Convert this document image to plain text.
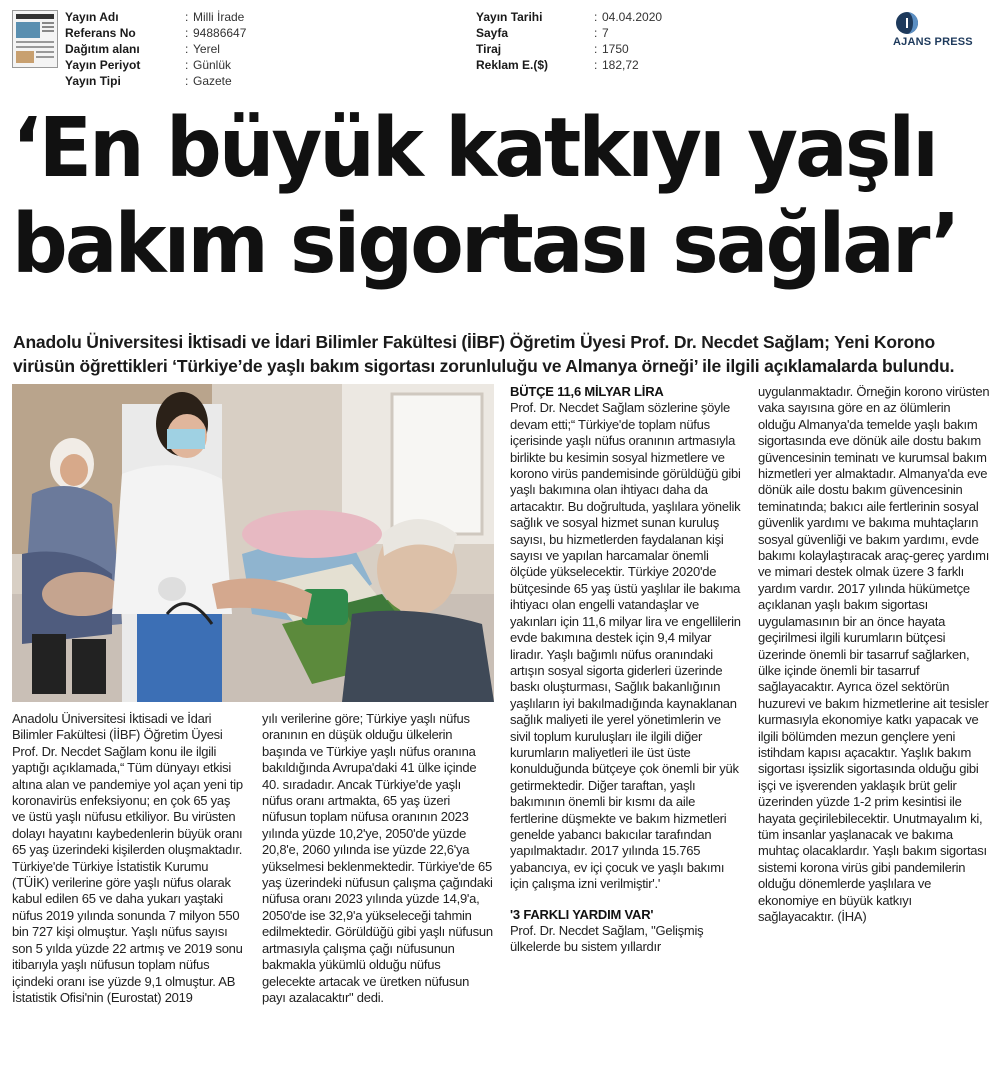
Yayın Adı	: Milli İrade
Referans No	: 94886647
Dağıtım alanı	: Yerel
Yayın Periyot	: Günlük
Yayın Tipi	: Gazete
Yayın Tarihi	: 04.04.2020
Sayfa	: 7
Tiraj	: 1750
Reklam E.($)	: 182,72
AJANS PRESS
‘En büyük katkıyı yaşlı
bakım sigortası sağlar’
Anadolu Üniversitesi İktisadi ve İdari Bilimler Fakültesi (İİBF) Öğretim Üyesi Prof. Dr. Necdet Sağlam; Yeni Korono virüsün öğrettikleri ‘Türkiye’de yaşlı bakım sigortası zorunluluğu ve Almanya örneği’ ile ilgili açıklamalarda bulundu.

Anadolu Üniversitesi İktisadi ve İdari Bilimler Fakültesi (İİBF) Öğretim Üyesi Prof. Dr. Necdet Sağlam konu ile ilgili yaptığı açıklamada,“ Tüm dünyayı etkisi altına alan ve pandemiye yol açan yeni tip koronavirüs enfeksiyonu; en çok 65 yaş ve üstü yaşlı nüfusu etkiliyor. Bu virüsten dolayı hayatını kaybedenlerin büyük oranı 65 yaş üzerindeki kişilerden oluşmaktadır. Türkiye'de Türkiye İstatistik Kurumu (TÜİK) verilerine göre yaşlı nüfus olarak kabul edilen 65 ve daha yukarı yaştaki nüfus 2019 yılında sonunda 7 milyon 550 bin 727 kişi olmuştur. Yaşlı nüfus sayısı son 5 yılda yüzde 22 artmış ve 2019 sonu itibarıyla yaşlı nüfusun toplam nüfus içindeki oranı ise yüzde 9,1 olmuştur. AB İstatistik Ofisi'nin (Eurostat) 2019

yılı verilerine göre; Türkiye yaşlı nüfus oranının en düşük olduğu ülkelerin başında ve Türkiye yaşlı nüfus oranına bakıldığında Avrupa'daki 41 ülke içinde 40. sıradadır. Ancak Türkiye'de yaşlı nüfus oranı artmakta, 65 yaş üzeri nüfusun toplam nüfusa oranının 2023 yılında yüzde 10,2'ye, 2050'de yüzde 20,8'e, 2060 yılında ise yüzde 22,6'ya yükselmesi beklenmektedir. Türkiye'de 65 yaş üzerindeki nüfusun çalışma çağındaki nüfusa oranı 2023 yılında yüzde 14,9'a, 2050'de ise 32,9'a yükseleceği tahmin edilmektedir. Görüldüğü gibi yaşlı nüfusun artmasıyla çalışma çağı nüfusunun bakmakla yükümlü olduğu nüfus gelecekte artacak ve üretken nüfusun payı azalacaktır" dedi.

BÜTÇE 11,6 MİLYAR LİRA

Prof. Dr. Necdet Sağlam sözlerine şöyle devam etti;“ Türkiye'de toplam nüfus içerisinde yaşlı nüfus oranının artmasıyla birlikte bu kesimin sosyal hizmetlere ve korono virüs pandemisinde görüldüğü gibi yaşlı bakımına olan ihtiyacı daha da artacaktır. Bu doğrultuda, yaşlılara yönelik sağlık ve sosyal hizmet sunan kuruluş sayısı, bu hizmetlerden faydalanan kişi sayısı ve yapılan harcamalar önemli ölçüde yükselecektir. Türkiye 2020'de bütçesinde 65 yaş üstü yaşlılar ile bakıma ihtiyacı olan engelli vatandaşlar ve yakınları için 11,6 milyar lira ve engellilerin evde bakımına destek için 9,4 milyar liradır. Yaşlı bağımlı nüfus oranındaki artışın sosyal sigorta giderleri üzerinde baskı oluşturması, Sağlık bakanlığının yaşlıların iyi bakılmadığında kaynaklanan sağlık maliyeti ile yerel yönetimlerin ve sivil toplum kuruluşları ile ilgili diğer kurumların maliyetleri ile üst üste konulduğunda bütçeye çok önemli bir yük getirmektedir. Diğer taraftan, yaşlı bakımının önemli bir kısmı da aile fertlerine düşmekte ve bakım hizmetleri genelde yabancı bakıcılar tarafından yapılmaktadır. 2017 yılında 15.765 yabancıya, ev içi çocuk ve yaşlı bakımı için çalışma izni verilmiştir'.'

'3 FARKLI YARDIM VAR'

Prof. Dr. Necdet Sağlam, "Gelişmiş ülkelerde bu sistem yıllardır

uygulanmaktadır. Örneğin korono virüsten vaka sayısına göre en az ölümlerin olduğu Almanya'da temelde yaşlı bakım sigortasında eve dönük aile dostu bakım güvencesinin teminatı ve kurumsal bakım hizmetleri yer almaktadır. Almanya'da eve dönük aile dostu bakım güvencesinin teminatında; bakıcı aile fertlerinin sosyal güvenlik yardımı ve bakıma muhtaçların sosyal güvenliği ve bakım yardımı, evde bakımı kolaylaştıracak araç-gereç yardımı ve mimari destek olmak üzere 3 farklı yardım vardır. 2017 yılında hükümetçe açıklanan yaşlı bakım sigortası uygulamasının bir an önce hayata geçirilmesi ilgili kurumların bütçesi üzerinde önemli bir tasarruf sağlarken, ülke içinde önemli bir tasarruf sağlayacaktır. Ayrıca özel sektörün huzurevi ve bakım hizmetlerine ait tesisler kurmasıyla ekonomiye katkı yapacak ve ilgili bölümden mezun gençlere yeni istihdam kapısı açacaktır. Yaşlık bakım sigortası işsizlik sigortasında olduğu gibi işçi ve işverenden yaklaşık brüt gelir üzerinden yüzde 1-2 prim kesintisi ile hayata geçirilebilecektir. Unutmayalım ki, tüm insanlar yaşlanacak ve bakıma muhtaç olacaklardır. Yaşlı bakım sigortası sistemi korona virüs gibi pandemilerin olduğu dönemlerde yaşlılara ve ekonomiye en büyük katkıyı sağlayacaktır. (İHA)
